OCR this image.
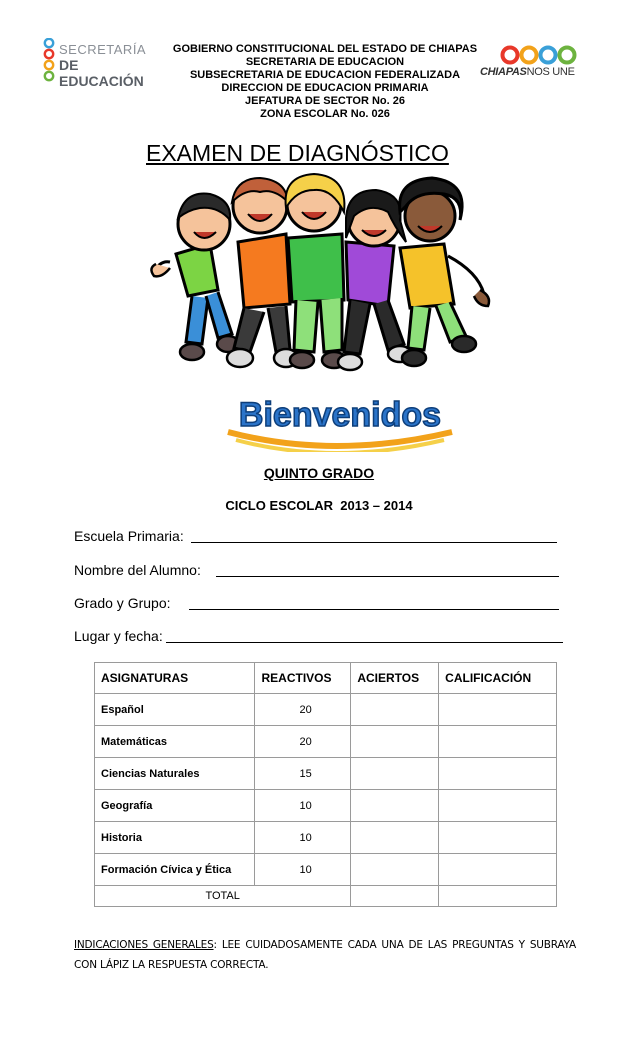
SECRETARÍA
DE EDUCACIÓN
GOBIERNO CONSTITUCIONAL DEL ESTADO DE CHIAPAS
SECRETARIA DE EDUCACION
SUBSECRETARIA DE EDUCACION FEDERALIZADA
DIRECCION DE EDUCACION PRIMARIA
JEFATURA DE SECTOR No. 26
ZONA ESCOLAR No. 026
CHIAPASNOS UNE
EXAMEN DE DIAGNÓSTICO
Bienvenidos
QUINTO GRADO
CICLO ESCOLAR  2013 – 2014
Escuela Primaria:
Nombre del Alumno:
Grado y Grupo:
Lugar y fecha:
ASIGNATURAS	REACTIVOS	ACIERTOS	CALIFICACIÓN
Español	20		
Matemáticas	20		
Ciencias Naturales	15		
Geografía	10		
Historia	10		
Formación Cívica y Ética	10		
TOTAL			
INDICACIONES GENERALES: LEE CUIDADOSAMENTE CADA UNA DE LAS PREGUNTAS Y SUBRAYA CON LÁPIZ LA RESPUESTA CORRECTA.
